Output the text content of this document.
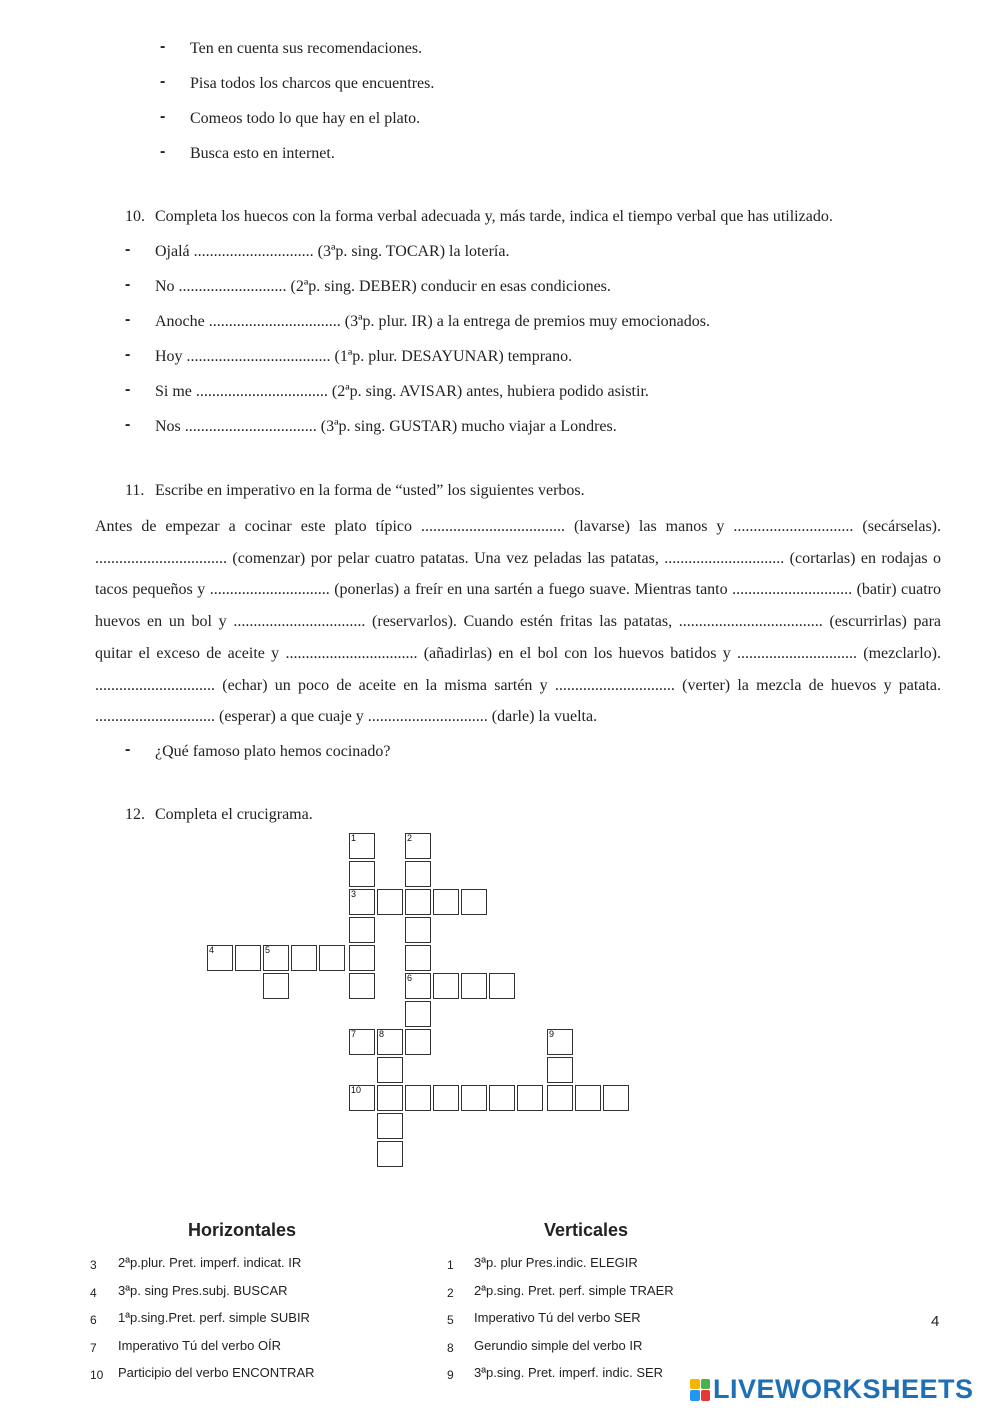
- Ten en cuenta sus recomendaciones.
- Pisa todos los charcos que encuentres.
- Comeos todo lo que hay en el plato.
- Busca esto en internet.
10. Completa los huecos con la forma verbal adecuada y, más tarde, indica el tiempo verbal que has utilizado.
- Ojalá .............................. (3ªp. sing. TOCAR) la lotería.
- No ........................... (2ªp. sing. DEBER) conducir en esas condiciones.
- Anoche ................................. (3ªp. plur. IR) a la entrega de premios muy emocionados.
- Hoy .................................... (1ªp. plur. DESAYUNAR) temprano.
- Si me ................................. (2ªp. sing. AVISAR) antes, hubiera podido asistir.
- Nos ................................. (3ªp. sing. GUSTAR) mucho viajar a Londres.
11. Escribe en imperativo en la forma de “usted” los siguientes verbos.
Antes de empezar a cocinar este plato típico .................................... (lavarse) las manos y .............................. (secárselas). ................................. (comenzar) por pelar cuatro patatas. Una vez peladas las patatas, .............................. (cortarlas) en rodajas o tacos pequeños y .............................. (ponerlas) a freír en una sartén a fuego suave. Mientras tanto .............................. (batir) cuatro huevos en un bol y ................................. (reservarlos). Cuando estén fritas las patatas, .................................... (escurrirlas) para quitar el exceso de aceite y ................................. (añadirlas) en el bol con los huevos batidos y .............................. (mezclarlo). .............................. (echar) un poco de aceite en la misma sartén y .............................. (verter) la mezcla de huevos y patata. .............................. (esperar) a que cuaje y .............................. (darle) la vuelta.
- ¿Qué famoso plato hemos cocinado?
12. Completa el crucigrama.
1	2
3
4	5
6
7	8	9
10
Horizontales
3 2ªp.plur. Pret. imperf. indicat. IR
4 3ªp. sing Pres.subj. BUSCAR
6 1ªp.sing.Pret. perf. simple SUBIR
7 Imperativo Tú del verbo OÍR
10 Participio del verbo ENCONTRAR
Verticales
1 3ªp. plur Pres.indic. ELEGIR
2 2ªp.sing. Pret. perf. simple TRAER
5 Imperativo Tú del verbo SER
8 Gerundio simple del verbo IR
9 3ªp.sing. Pret. imperf. indic. SER
4
LIVEWORKSHEETS
